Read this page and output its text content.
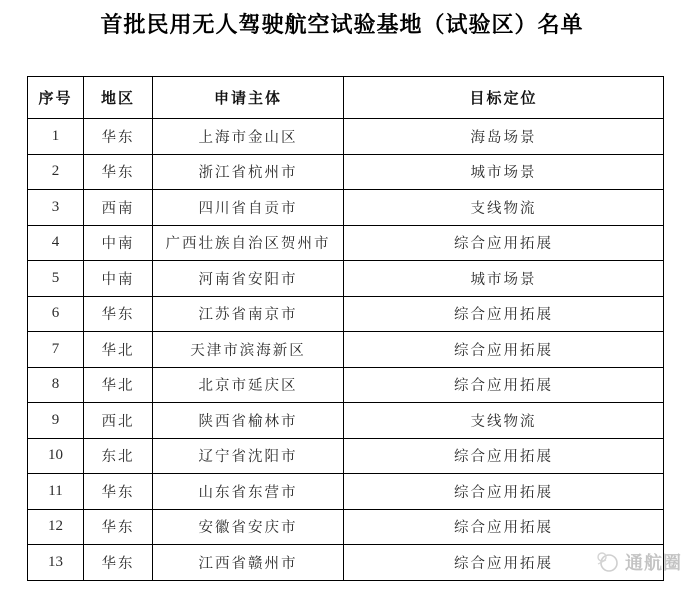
首批民用无人驾驶航空试验基地（试验区）名单
序号	地区	申请主体	目标定位
1	华东	上海市金山区	海岛场景
2	华东	浙江省杭州市	城市场景
3	西南	四川省自贡市	支线物流
4	中南	广西壮族自治区贺州市	综合应用拓展
5	中南	河南省安阳市	城市场景
6	华东	江苏省南京市	综合应用拓展
7	华北	天津市滨海新区	综合应用拓展
8	华北	北京市延庆区	综合应用拓展
9	西北	陕西省榆林市	支线物流
10	东北	辽宁省沈阳市	综合应用拓展
11	华东	山东省东营市	综合应用拓展
12	华东	安徽省安庆市	综合应用拓展
13	华东	江西省赣州市	综合应用拓展	通航圈
